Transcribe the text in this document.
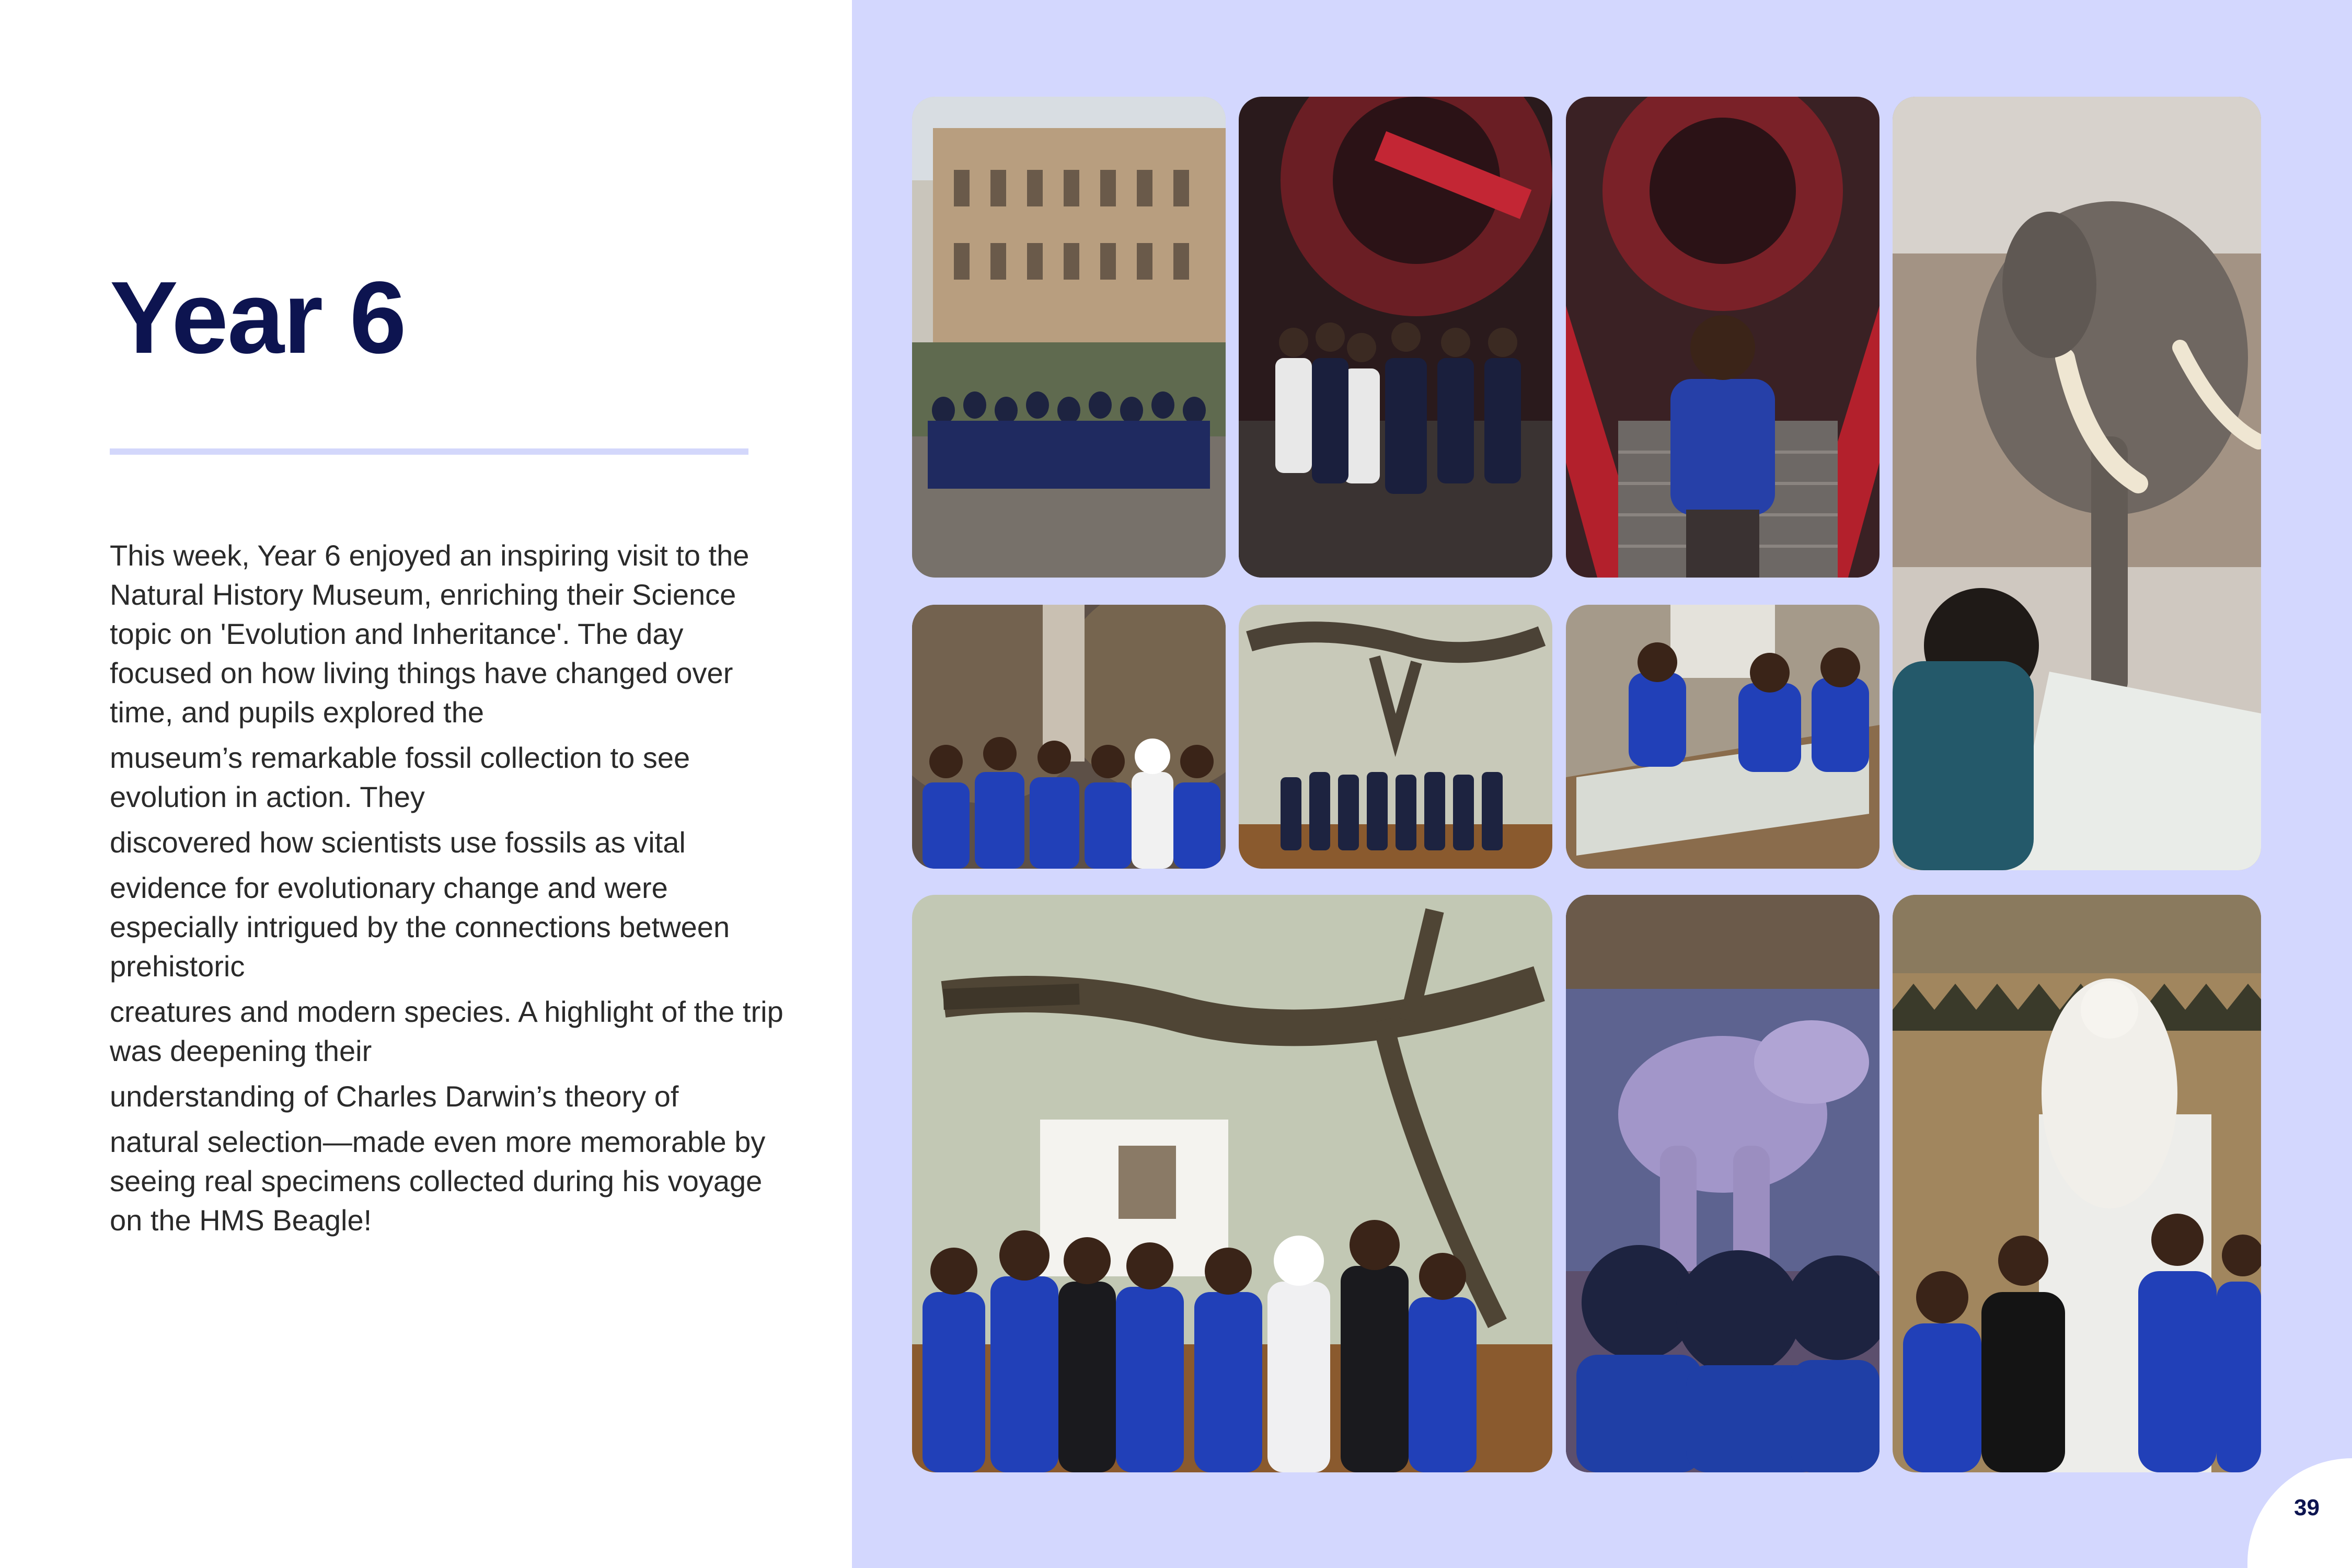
Year 6

This week, Year 6 enjoyed an inspiring visit to the Natural History Museum, enriching their Science topic on 'Evolution and Inheritance'. The day focused on how living things have changed over time, and pupils explored the

museum’s remarkable fossil collection to see evolution in action. They

discovered how scientists use fossils as vital

evidence for evolutionary change and were especially intrigued by the connections between prehistoric

creatures and modern species. A highlight of the trip was deepening their

understanding of Charles Darwin’s theory of

natural selection—made even more memorable by seeing real specimens collected during his voyage on the HMS Beagle!

39
